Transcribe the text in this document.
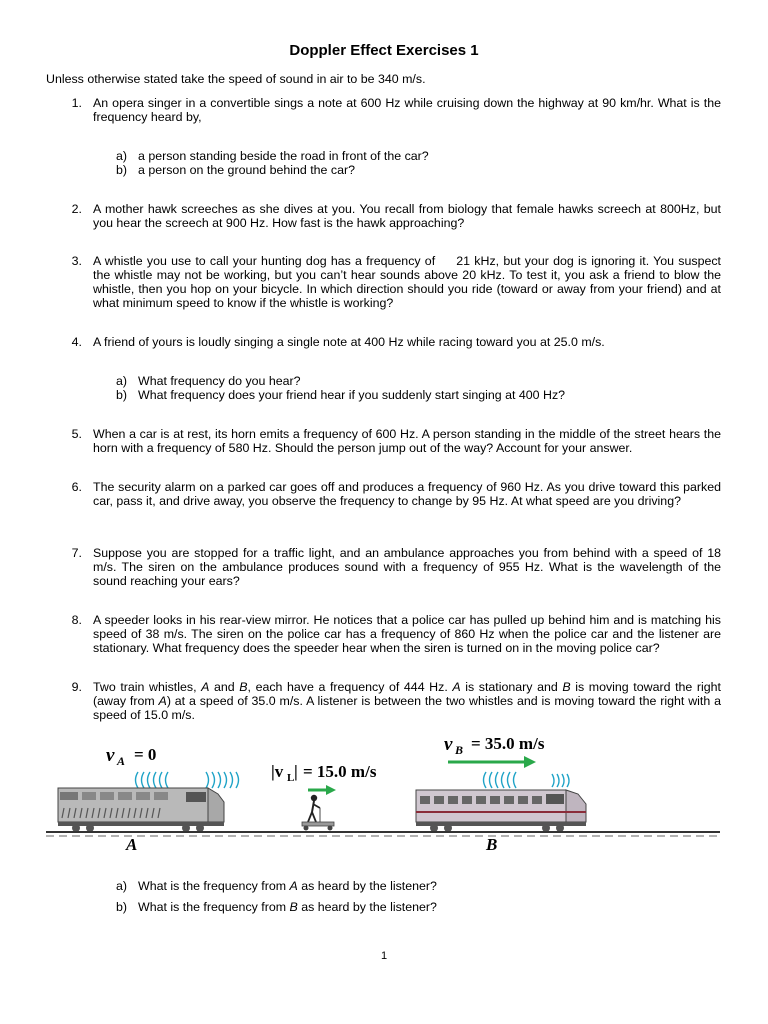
Doppler Effect Exercises 1
Unless otherwise stated take the speed of sound in air to be 340 m/s.
1. An opera singer in a convertible sings a note at 600 Hz while cruising down the highway at 90 km/hr. What is the frequency heard by,
a) a person standing beside the road in front of the car?
b) a person on the ground behind the car?
2. A mother hawk screeches as she dives at you. You recall from biology that female hawks screech at 800Hz, but you hear the screech at 900 Hz. How fast is the hawk approaching?
3. A whistle you use to call your hunting dog has a frequency of     21 kHz, but your dog is ignoring it. You suspect the whistle may not be working, but you can’t hear sounds above 20 kHz. To test it, you ask a friend to blow the whistle, then you hop on your bicycle. In which direction should you ride (toward or away from your friend) and at what minimum speed to know if the whistle is working?
4. A friend of yours is loudly singing a single note at 400 Hz while racing toward you at 25.0 m/s.
a) What frequency do you hear?
b) What frequency does your friend hear if you suddenly start singing at 400 Hz?
5. When a car is at rest, its horn emits a frequency of 600 Hz. A person standing in the middle of the street hears the horn with a frequency of 580 Hz. Should the person jump out of the way? Account for your answer.
6. The security alarm on a parked car goes off and produces a frequency of 960 Hz. As you drive toward this parked car, pass it, and drive away, you observe the frequency to change by 95 Hz. At what speed are you driving?
7. Suppose you are stopped for a traffic light, and an ambulance approaches you from behind with a speed of 18 m/s. The siren on the ambulance produces sound with a frequency of 955 Hz. What is the wavelength of the sound reaching your ears?
8. A speeder looks in his rear-view mirror. He notices that a police car has pulled up behind him and is matching his speed of 38 m/s. The siren on the police car has a frequency of 860 Hz when the police car and the listener are stationary. What frequency does the speeder hear when the siren is turned on in the moving police car?
9. Two train whistles, A and B, each have a frequency of 444 Hz. A is stationary and B is moving toward the right (away from A) at a speed of 35.0 m/s. A listener is between the two whistles and is moving toward the right with a speed of 15.0 m/s.
v A = 0
|v L | = 15.0 m/s
v B = 35.0 m/s
A	B
a) What is the frequency from A as heard by the listener?
b) What is the frequency from B as heard by the listener?
1
